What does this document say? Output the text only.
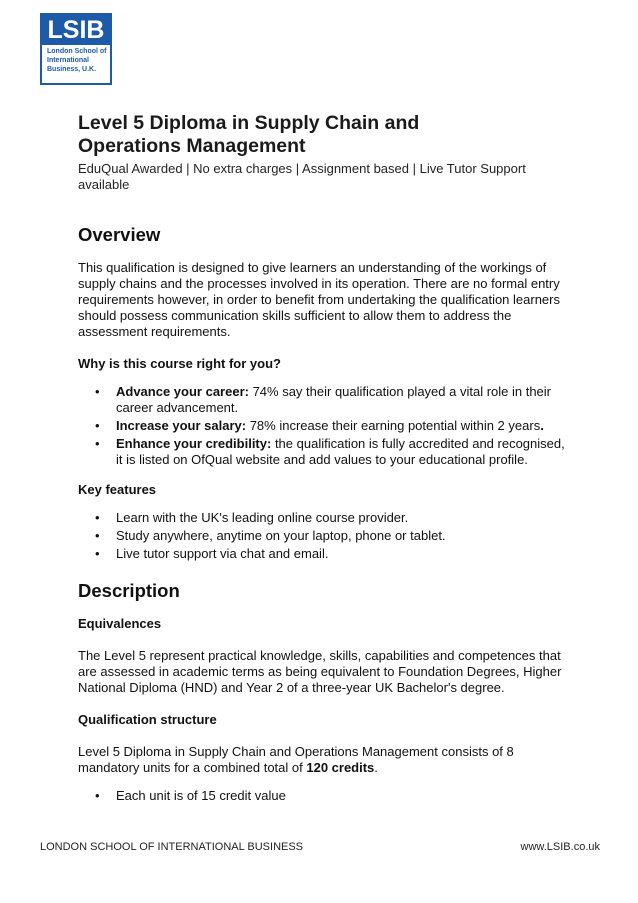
LSIB
London School of
International
Business, U.K.
Level 5 Diploma in Supply Chain and
Operations Management

EduQual Awarded | No extra charges | Assignment based | Live Tutor Support available

Overview

This qualification is designed to give learners an understanding of the workings of supply chains and the processes involved in its operation. There are no formal entry requirements however, in order to benefit from undertaking the qualification learners should possess communication skills sufficient to allow them to address the assessment requirements.

Why is this course right for you?

• Advance your career: 74% say their qualification played a vital role in their career advancement.
• Increase your salary: 78% increase their earning potential within 2 years.
• Enhance your credibility: the qualification is fully accredited and recognised, it is listed on OfQual website and add values to your educational profile.

Key features

• Learn with the UK's leading online course provider.
• Study anywhere, anytime on your laptop, phone or tablet.
• Live tutor support via chat and email.
Description

Equivalences

The Level 5 represent practical knowledge, skills, capabilities and competences that are assessed in academic terms as being equivalent to Foundation Degrees, Higher National Diploma (HND) and Year 2 of a three-year UK Bachelor's degree.

Qualification structure

Level 5 Diploma in Supply Chain and Operations Management consists of 8 mandatory units for a combined total of 120 credits.

• Each unit is of 15 credit value
LONDON SCHOOL OF INTERNATIONAL BUSINESS	www.LSIB.co.uk
